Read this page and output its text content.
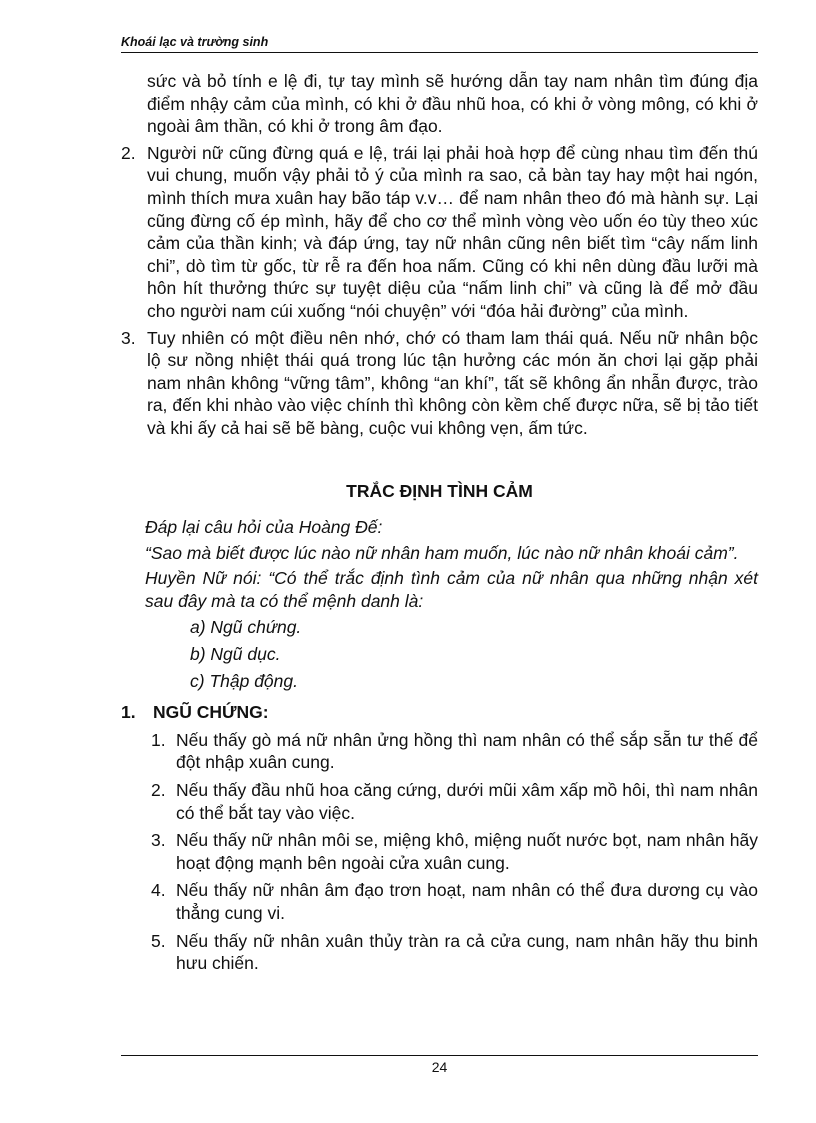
Khoái lạc và trường sinh

sức và bỏ tính e lệ đi, tự tay mình sẽ hướng dẫn tay nam nhân tìm đúng địa điểm nhậy cảm của mình, có khi ở đầu nhũ hoa, có khi ở vòng mông, có khi ở ngoài âm thần, có khi ở trong âm đạo.

2. Người nữ cũng đừng quá e lệ, trái lại phải hoà hợp để cùng nhau tìm đến thú vui chung, muốn vậy phải tỏ ý của mình ra sao, cả bàn tay hay một hai ngón, mình thích mưa xuân hay bão táp v.v… để nam nhân theo đó mà hành sự. Lại cũng đừng cố ép mình, hãy để cho cơ thể mình vòng vèo uốn éo tùy theo xúc cảm của thần kinh; và đáp ứng, tay nữ nhân cũng nên biết tìm “cây nấm linh chi”, dò tìm từ gốc, từ rễ ra đến hoa nấm. Cũng có khi nên dùng đầu lưỡi mà hôn hít thưởng thức sự tuyệt diệu của “nấm linh chi” và cũng là để mở đầu cho người nam cúi xuống “nói chuyện” với “đóa hải đường” của mình.
3. Tuy nhiên có một điều nên nhớ, chớ có tham lam thái quá. Nếu nữ nhân bộc lộ sư nồng nhiệt thái quá trong lúc tận hưởng các món ăn chơi lại gặp phải nam nhân không “vững tâm”, không “an khí”, tất sẽ không ẩn nhẫn được, trào ra, đến khi nhào vào việc chính thì không còn kềm chế được nữa, sẽ bị tảo tiết và khi ấy cả hai sẽ bẽ bàng, cuộc vui không vẹn, ấm tức.

TRẮC ĐỊNH TÌNH CẢM

Đáp lại câu hỏi của Hoàng Đế:

“Sao mà biết được lúc nào nữ nhân ham muốn, lúc nào nữ nhân khoái cảm”.

Huyền Nữ nói: “Có thể trắc định tình cảm của nữ nhân qua những nhận xét sau đây mà ta có thể mệnh danh là:

a) Ngũ chứng.

b) Ngũ dục.

c) Thập động.

1. NGŨ CHỨNG:
1. Nếu thấy gò má nữ nhân ửng hồng thì nam nhân có thể sắp sẵn tư thế để đột nhập xuân cung.
2. Nếu thấy đầu nhũ hoa căng cứng, dưới mũi xâm xấp mồ hôi, thì nam nhân có thể bắt tay vào việc.
3. Nếu thấy nữ nhân môi se, miệng khô, miệng nuốt nước bọt, nam nhân hãy hoạt động mạnh bên ngoài cửa xuân cung.
4. Nếu thấy nữ nhân âm đạo trơn hoạt, nam nhân có thể đưa dương cụ vào thẳng cung vi.
5. Nếu thấy nữ nhân xuân thủy tràn ra cả cửa cung, nam nhân hãy thu binh hưu chiến.
24
